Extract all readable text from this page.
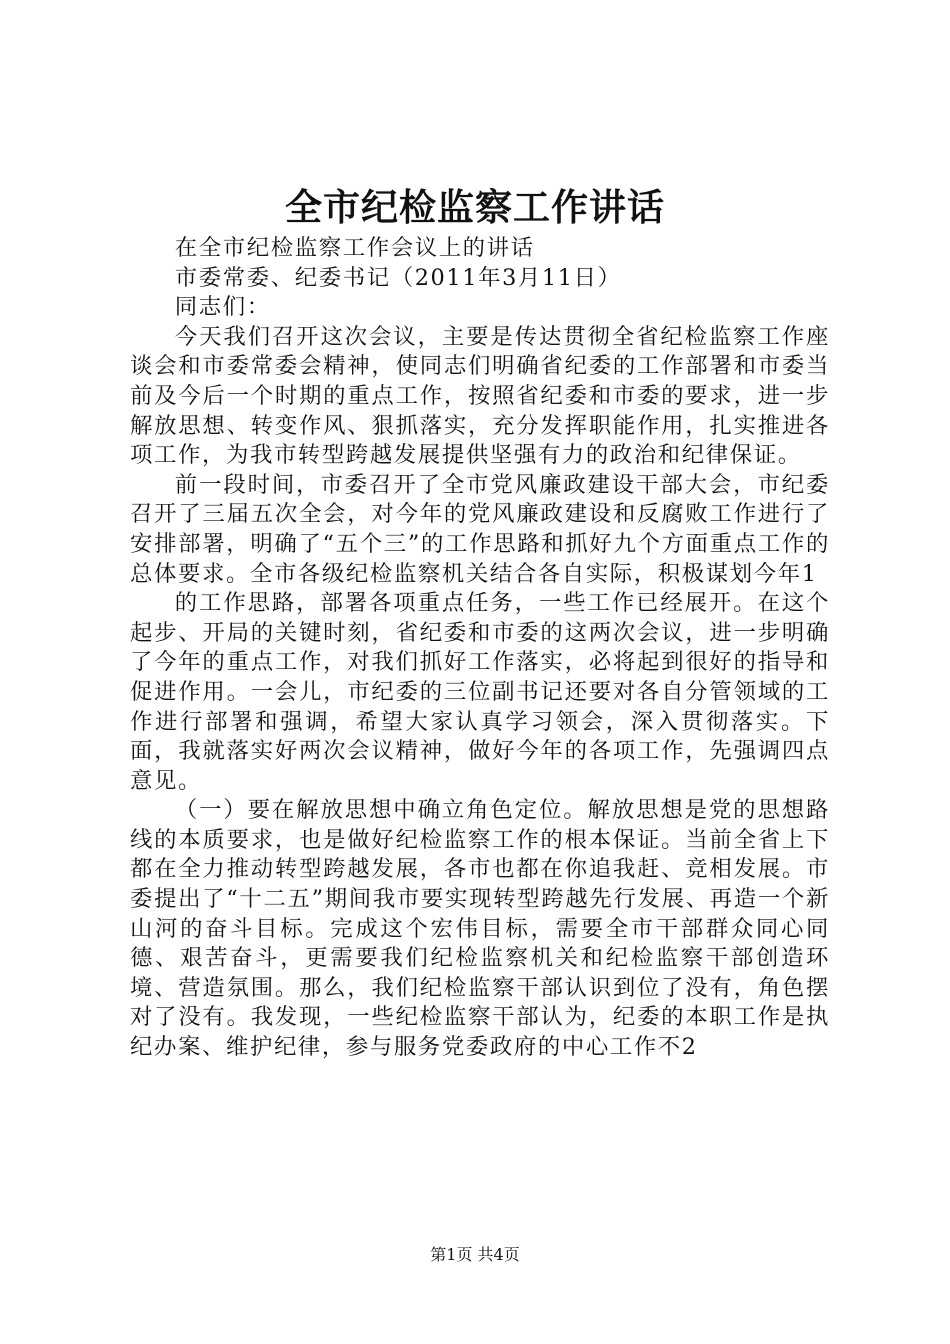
全市纪检监察工作讲话

在全市纪检监察工作会议上的讲话

市委常委、纪委书记（2011年3月11日）

同志们：

今天我们召开这次会议，主要是传达贯彻全省纪检监察工作座谈会和市委常委会精神，使同志们明确省纪委的工作部署和市委当前及今后一个时期的重点工作，按照省纪委和市委的要求，进一步解放思想、转变作风、狠抓落实，充分发挥职能作用，扎实推进各项工作，为我市转型跨越发展提供坚强有力的政治和纪律保证。

前一段时间，市委召开了全市党风廉政建设干部大会，市纪委召开了三届五次全会，对今年的党风廉政建设和反腐败工作进行了安排部署，明确了“五个三”的工作思路和抓好九个方面重点工作的总体要求。全市各级纪检监察机关结合各自实际，积极谋划今年1

的工作思路，部署各项重点任务，一些工作已经展开。在这个起步、开局的关键时刻，省纪委和市委的这两次会议，进一步明确了今年的重点工作，对我们抓好工作落实，必将起到很好的指导和促进作用。一会儿，市纪委的三位副书记还要对各自分管领域的工作进行部署和强调，希望大家认真学习领会，深入贯彻落实。下面，我就落实好两次会议精神，做好今年的各项工作，先强调四点意见。

（一）要在解放思想中确立角色定位。解放思想是党的思想路线的本质要求，也是做好纪检监察工作的根本保证。当前全省上下都在全力推动转型跨越发展，各市也都在你追我赶、竞相发展。市委提出了“十二五”期间我市要实现转型跨越先行发展、再造一个新山河的奋斗目标。完成这个宏伟目标，需要全市干部群众同心同德、艰苦奋斗，更需要我们纪检监察机关和纪检监察干部创造环境、营造氛围。那么，我们纪检监察干部认识到位了没有，角色摆对了没有。我发现，一些纪检监察干部认为，纪委的本职工作是执纪办案、维护纪律，参与服务党委政府的中心工作不2

第1页 共4页
